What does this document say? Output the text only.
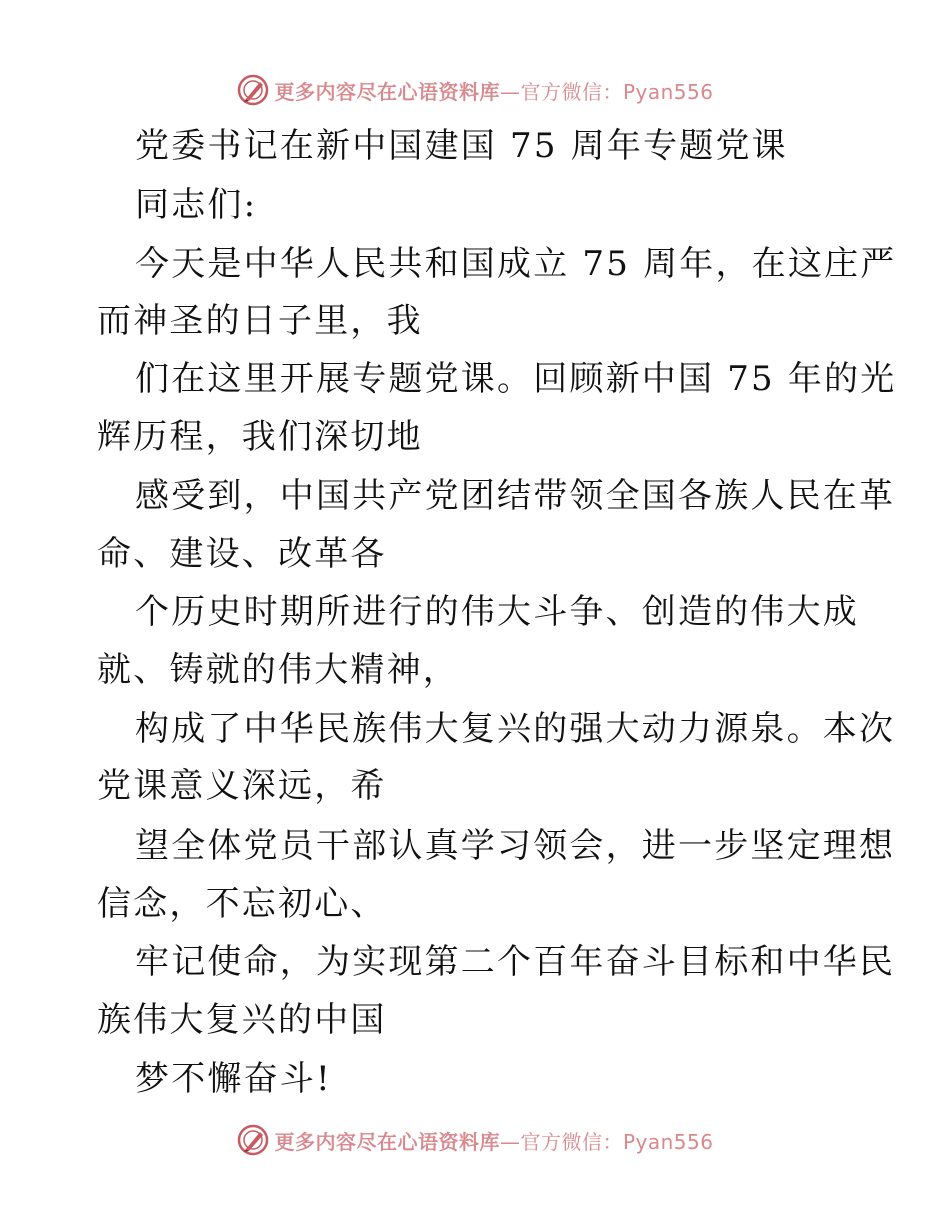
更多内容尽在心语资料库—官方微信：Pyan556
党委书记在新中国建国 75 周年专题党课
同志们:
今天是中华人民共和国成立 75 周年，在这庄严
而神圣的日子里，我
们在这里开展专题党课。回顾新中国 75 年的光
辉历程，我们深切地
感受到，中国共产党团结带领全国各族人民在革
命、建设、改革各
个历史时期所进行的伟大斗争、创造的伟大成
就、铸就的伟大精神，
构成了中华民族伟大复兴的强大动力源泉。本次
党课意义深远，希
望全体党员干部认真学习领会，进一步坚定理想
信念，不忘初心、
牢记使命，为实现第二个百年奋斗目标和中华民
族伟大复兴的中国
梦不懈奋斗!
更多内容尽在心语资料库—官方微信：Pyan556
